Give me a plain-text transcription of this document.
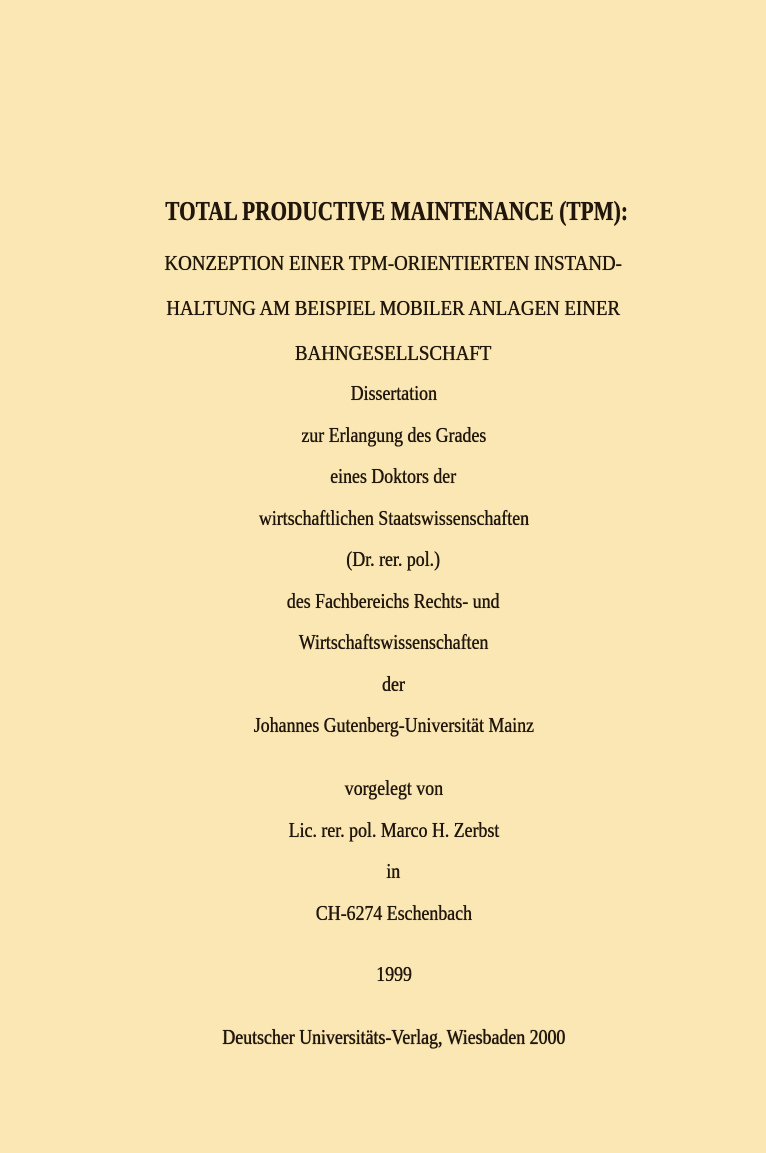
TOTAL PRODUCTIVE MAINTENANCE (TPM):

KONZEPTION EINER TPM-ORIENTIERTEN INSTAND-

HALTUNG AM BEISPIEL MOBILER ANLAGEN EINER

BAHNGESELLSCHAFT

Dissertation

zur Erlangung des Grades

eines Doktors der

wirtschaftlichen Staatswissenschaften

(Dr. rer. pol.)

des Fachbereichs Rechts- und

Wirtschaftswissenschaften

der

Johannes Gutenberg-Universität Mainz

vorgelegt von

Lic. rer. pol. Marco H. Zerbst

in

CH-6274 Eschenbach

1999

Deutscher Universitäts-Verlag, Wiesbaden 2000
